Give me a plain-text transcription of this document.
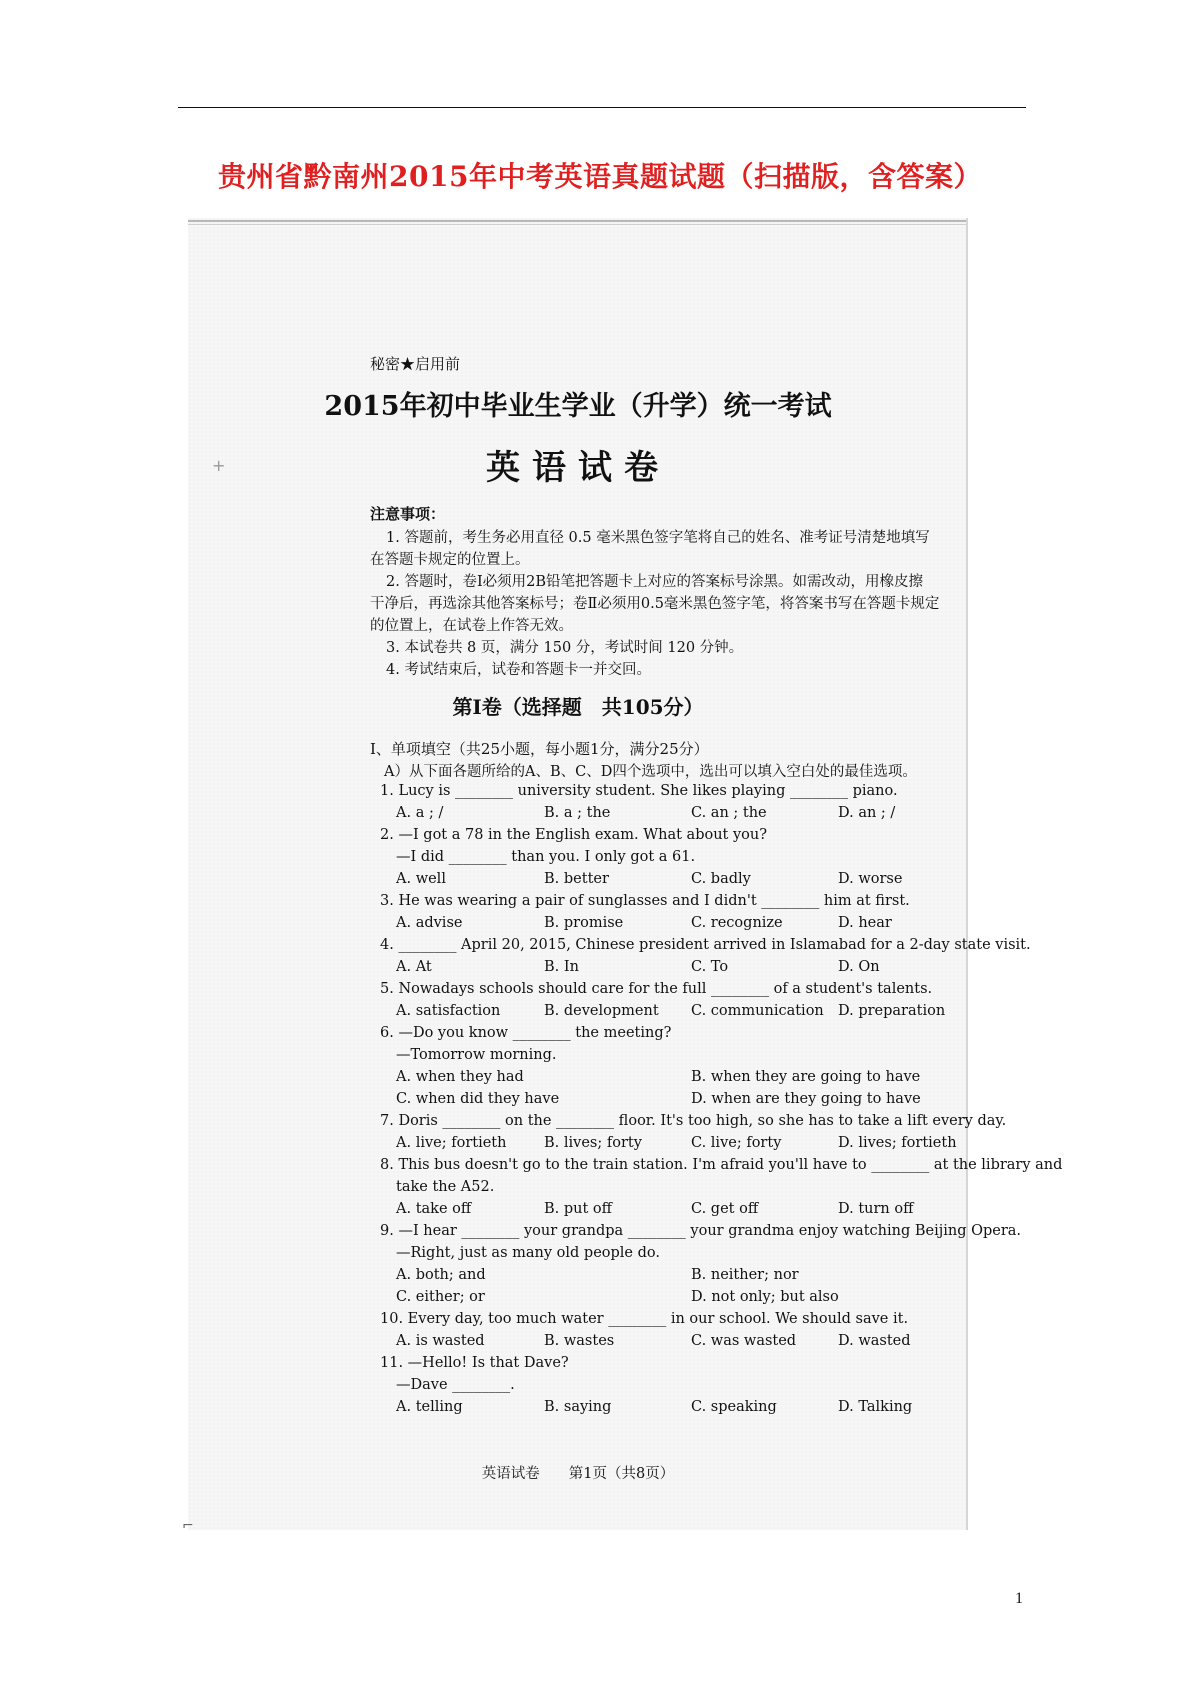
贵州省黔南州2015年中考英语真题试题（扫描版，含答案）
+
⌐
秘密★启用前
2015年初中毕业生学业（升学）统一考试
英语试卷
注意事项：
1. 答题前，考生务必用直径 0.5 毫米黑色签字笔将自己的姓名、准考证号清楚地填写
在答题卡规定的位置上。
2. 答题时，卷Ⅰ必须用2B铅笔把答题卡上对应的答案标号涂黑。如需改动，用橡皮擦
干净后，再选涂其他答案标号；卷Ⅱ必须用0.5毫米黑色签字笔，将答案书写在答题卡规定
的位置上，在试卷上作答无效。
3. 本试卷共 8 页，满分 150 分，考试时间 120 分钟。
4. 考试结束后，试卷和答题卡一并交回。
第Ⅰ卷（选择题　共105分）
Ⅰ、单项填空（共25小题，每小题1分，满分25分）
A）从下面各题所给的A、B、C、D四个选项中，选出可以填入空白处的最佳选项。
1. Lucy is ________ university student. She likes playing ________ piano.
A. a ; /	B. a ; the	C. an ; the	D. an ; /
2. —I got a 78 in the English exam. What about you?
—I did ________ than you. I only got a 61.
A. well	B. better	C. badly	D. worse
3. He was wearing a pair of sunglasses and I didn't ________ him at first.
A. advise	B. promise	C. recognize	D. hear
4. ________ April 20, 2015, Chinese president arrived in Islamabad for a 2-day state visit.
A. At	B. In	C. To	D. On
5. Nowadays schools should care for the full ________ of a student's talents.
A. satisfaction	B. development C. communication D. preparation
6. —Do you know ________ the meeting?
—Tomorrow morning.
A. when they had	B. when they are going to have
C. when did they have	D. when are they going to have
7. Doris ________ on the ________ floor. It's too high, so she has to take a lift every day.
A. live; fortieth	B. lives; forty	C. live; forty	D. lives; fortieth
8. This bus doesn't go to the train station. I'm afraid you'll have to ________ at the library and
take the A52.
A. take off	B. put off	C. get off	D. turn off
9. —I hear ________ your grandpa ________ your grandma enjoy watching Beijing Opera.
—Right, just as many old people do.
A. both; and	B. neither; nor
C. either; or	D. not only; but also
10. Every day, too much water ________ in our school. We should save it.
A. is wasted	B. wastes	C. was wasted	D. wasted
11. —Hello! Is that Dave?
—Dave ________.
A. telling	B. saying	C. speaking	D. Talking
英语试卷　　第1页（共8页）
1
